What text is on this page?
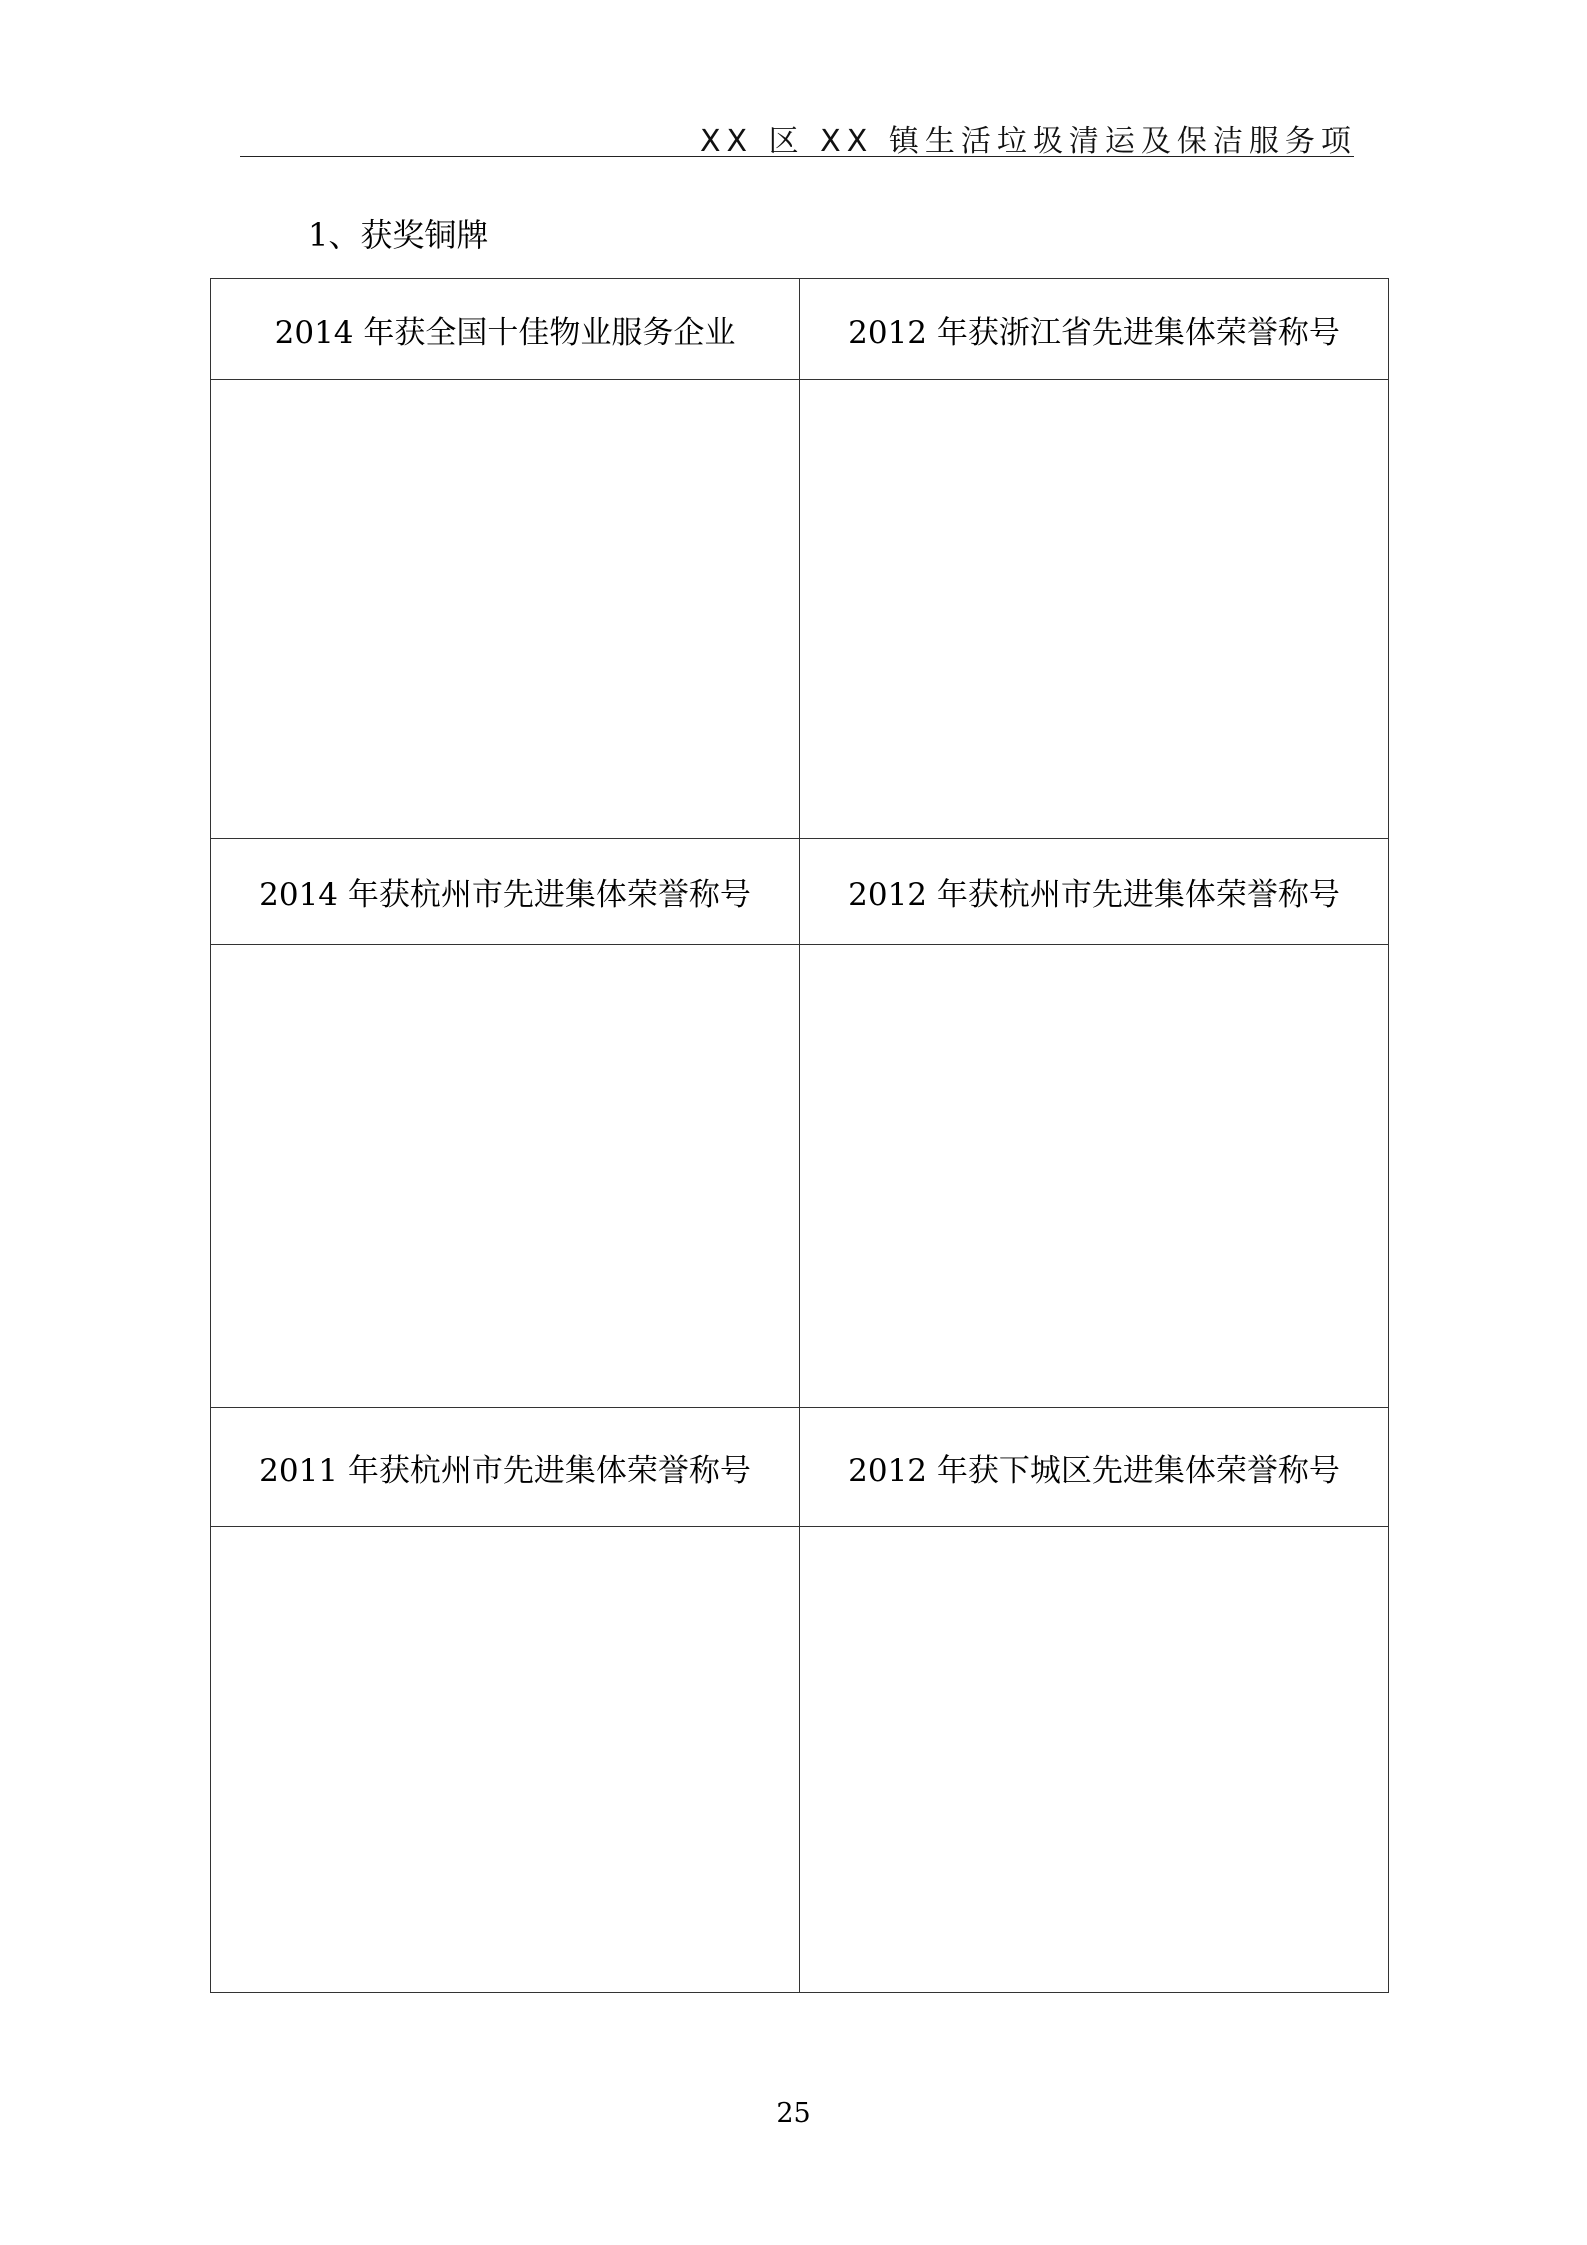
XX 区 XX 镇生活垃圾清运及保洁服务项
1、获奖铜牌
2014 年获全国十佳物业服务企业	2012 年获浙江省先进集体荣誉称号

2014 年获杭州市先进集体荣誉称号	2012 年获杭州市先进集体荣誉称号

2011 年获杭州市先进集体荣誉称号	2012 年获下城区先进集体荣誉称号

25
